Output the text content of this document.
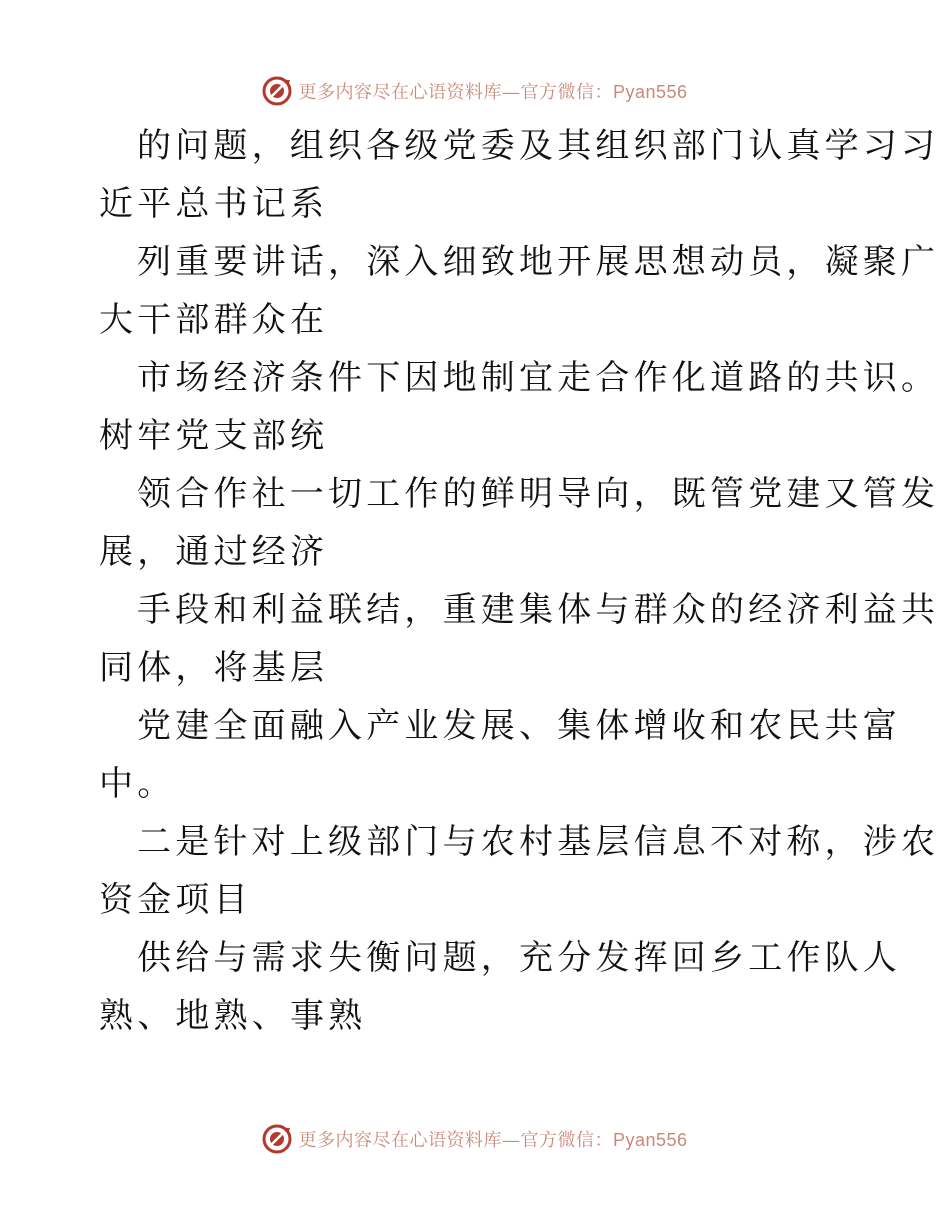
更多内容尽在心语资料库—官方微信：Pyan556
的问题，组织各级党委及其组织部门认真学习习
近平总书记系
列重要讲话，深入细致地开展思想动员，凝聚广
大干部群众在
市场经济条件下因地制宜走合作化道路的共识。
树牢党支部统
领合作社一切工作的鲜明导向，既管党建又管发
展，通过经济
手段和利益联结，重建集体与群众的经济利益共
同体，将基层
党建全面融入产业发展、集体增收和农民共富
中。
二是针对上级部门与农村基层信息不对称，涉农
资金项目
供给与需求失衡问题，充分发挥回乡工作队人
熟、地熟、事熟
更多内容尽在心语资料库—官方微信：Pyan556
